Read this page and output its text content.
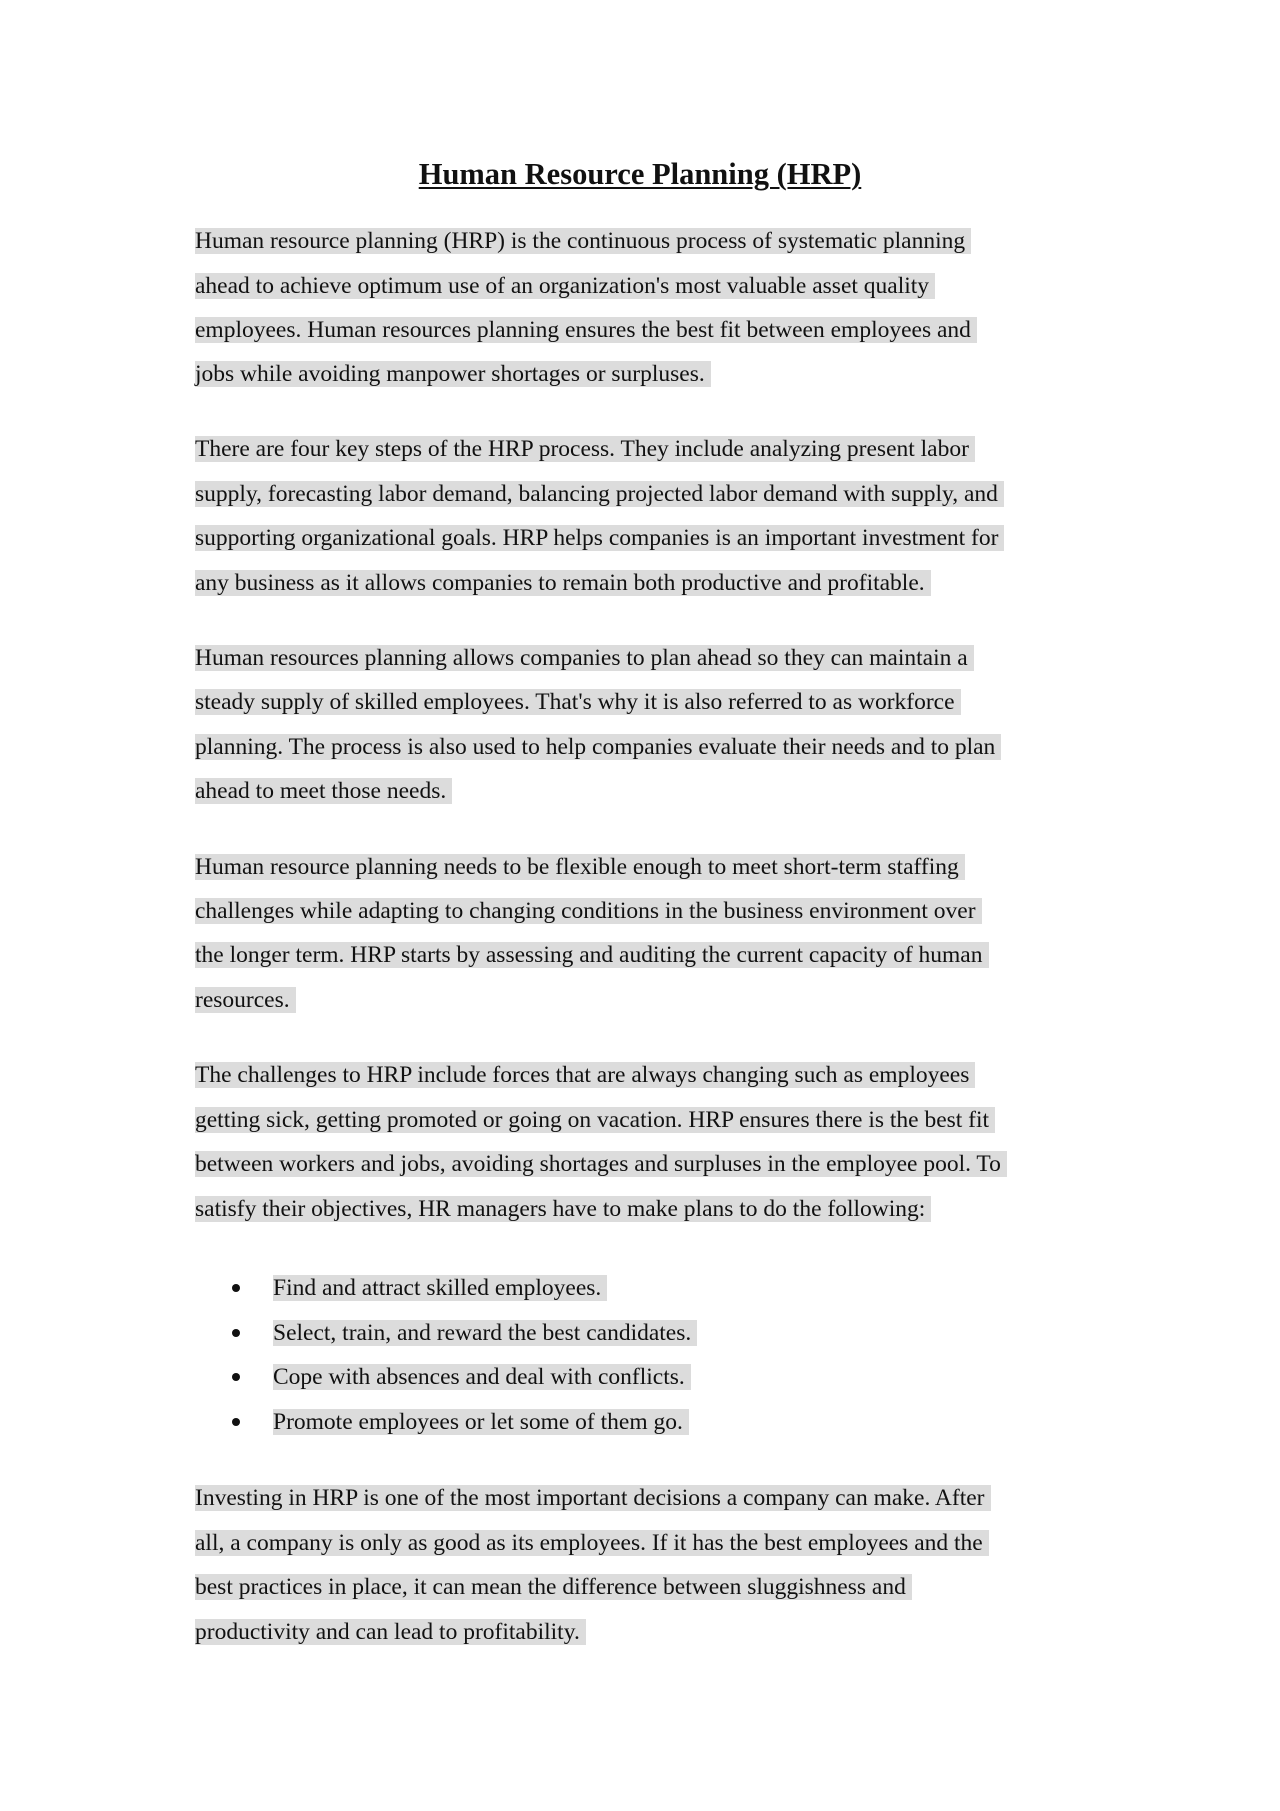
Human Resource Planning (HRP)
Human resource planning (HRP) is the continuous process of systematic planning
ahead to achieve optimum use of an organization's most valuable asset quality
employees. Human resources planning ensures the best fit between employees and
jobs while avoiding manpower shortages or surpluses.
There are four key steps of the HRP process. They include analyzing present labor
supply, forecasting labor demand, balancing projected labor demand with supply, and
supporting organizational goals. HRP helps companies is an important investment for
any business as it allows companies to remain both productive and profitable.
Human resources planning allows companies to plan ahead so they can maintain a
steady supply of skilled employees. That's why it is also referred to as workforce
planning. The process is also used to help companies evaluate their needs and to plan
ahead to meet those needs.
Human resource planning needs to be flexible enough to meet short-term staffing
challenges while adapting to changing conditions in the business environment over
the longer term. HRP starts by assessing and auditing the current capacity of human
resources.
The challenges to HRP include forces that are always changing such as employees
getting sick, getting promoted or going on vacation. HRP ensures there is the best fit
between workers and jobs, avoiding shortages and surpluses in the employee pool. To
satisfy their objectives, HR managers have to make plans to do the following:
Find and attract skilled employees.
Select, train, and reward the best candidates.
Cope with absences and deal with conflicts.
Promote employees or let some of them go.
Investing in HRP is one of the most important decisions a company can make. After
all, a company is only as good as its employees. If it has the best employees and the
best practices in place, it can mean the difference between sluggishness and
productivity and can lead to profitability.
